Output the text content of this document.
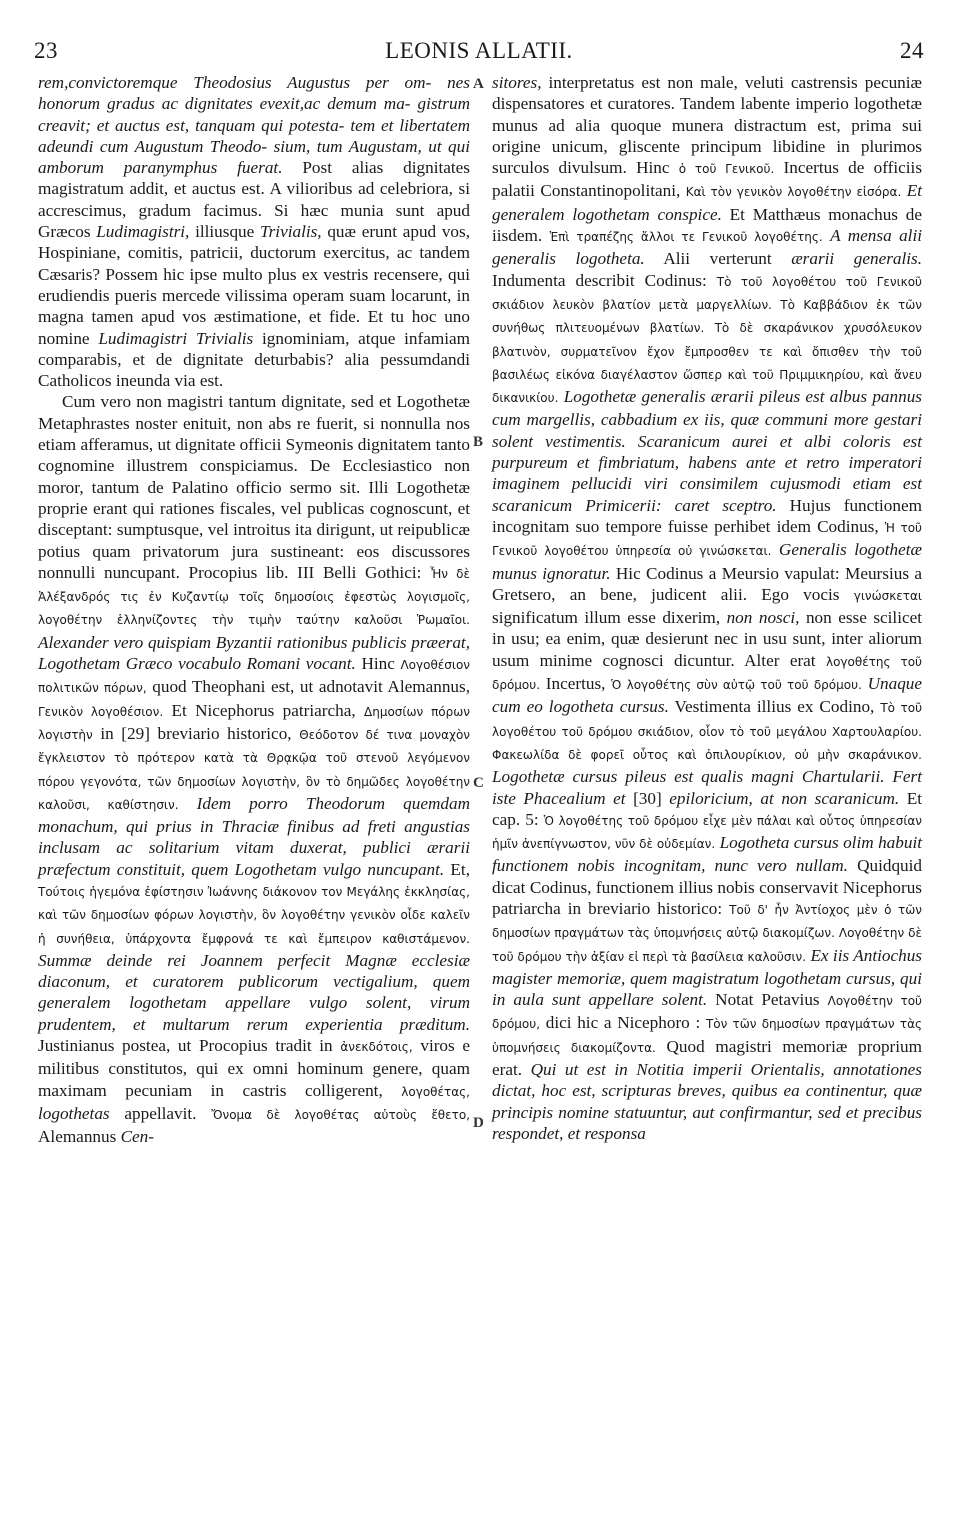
23	LEONIS ALLATII.	24

rem,convictoremque Theodosius Augustus per om- nes honorum gradus ac dignitates evexit,ac demum ma- gistrum creavit; et auctus est, tanquam qui potesta- tem et libertatem adeundi cum Augustum Theodo- sium, tum Augustam, ut qui amborum paranymphus fuerat. Post alias dignitates magistratum addit, et auctus est. A vilioribus ad celebriora, si accrescimus, gradum facimus. Si hæc munia sunt apud Græcos Ludimagistri, illiusque Trivialis, quæ erunt apud vos, Hospiniane, comitis, patricii, ductorum exercitus, ac tandem Cæsaris? Possem hic ipse multo plus ex vestris recensere, qui erudiendis pueris mercede vilissima operam suam locarunt, in magna tamen apud vos æstimatione, et fide. Et tu hoc uno nomine Ludimagistri Trivialis ignominiam, atque infamiam comparabis, et de dignitate deturbabis? alia pessumdandi Catholicos ineunda via est.

Cum vero non magistri tantum dignitate, sed et Logothetæ Metaphrastes noster enituit, non abs re fuerit, si nonnulla nos etiam afferamus, ut dignitate officii Symeonis dignitatem tanto cognomine illustrem conspiciamus. De Ecclesiastico non moror, tantum de Palatino officio sermo sit. Illi Logothetæ proprie erant qui rationes fiscales, vel publicas cognoscunt, et disceptant: sumptusque, vel introitus ita dirigunt, ut reipublicæ potius quam privatorum jura sustineant: eos discussores nonnulli nuncupant. Procopius lib. III Belli Gothici: Ἦν δὲ Ἀλέξανδρός τις ἐν Κυζαντίῳ τοῖς δημοσίοις ἐφεστὼς λογισμοῖς, λογοθέτην ἑλληνίζοντες τὴν τιμὴν ταύτην καλοῦσι Ῥωμαῖοι. Alexander vero quispiam Byzantii rationibus publicis præerat, Logothetam Græco vocabulo Romani vocant. Hinc Λογοθέσιον πολιτικῶν πόρων, quod Theophani est, ut adnotavit Alemannus, Γενικὸν λογοθέσιον. Et Nicephorus patriarcha, Δημοσίων πόρων λογιστὴν in [29] breviario historico, Θεόδοτον δέ τινα μοναχὸν ἔγκλειστον τὸ πρότερον κατὰ τὰ Θρᾳκῷα τοῦ στενοῦ λεγόμενον πόρου γεγονότα, τῶν δημοσίων λογιστὴν, ὃν τὸ δημῶδες λογοθέτην καλοῦσι, καθίστησιν. Idem porro Theodorum quemdam monachum, qui prius in Thraciæ finibus ad freti angustias inclusam ac solitarium vitam duxerat, publici ærarii præfectum constituit, quem Logothetam vulgo nuncupant. Et, Τούτοις ἡγεμόνα ἐφίστησιν Ἰωάννης διάκονον τον Μεγάλης ἐκκλησίας, καὶ τῶν δημοσίων φόρων λογιστὴν, ὃν λογοθέτην γενικὸν οἶδε καλεῖν ἡ συνήθεια, ὑπάρχοντα ἔμφρονά τε καὶ ἔμπειρον καθιστάμενον. Summæ deinde rei Joannem perfecit Magnæ ecclesiæ diaconum, et curatorem publicorum vectigalium, quem generalem logothetam appellare vulgo solent, virum prudentem, et multarum rerum experientia præditum. Justinianus postea, ut Procopius tradit in ἀνεκδότοις, viros e militibus constitutos, qui ex omni hominum genere, quam maximam pecuniam in castris colligerent, λογοθέτας, logothetas appellavit. Ὄνομα δὲ λογοθέτας αὐτοὺς ἔθετο, Alemannus Cen-

sitores, interpretatus est non male, veluti castrensis pecuniæ dispensatores et curatores. Tandem labente imperio logothetæ munus ad alia quoque munera distractum est, prima sui origine unicum, gliscente principum libidine in plurimos surculos divulsum. Hinc ὁ τοῦ Γενικοῦ. Incertus de officiis palatii Constantinopolitani, Καὶ τὸν γενικὸν λογοθέτην εἰσόρα. Et generalem logothetam conspice. Et Matthæus monachus de iisdem. Ἐπὶ τραπέζης ἄλλοι τε Γενικοῦ λογοθέτης. A mensa alii generalis logotheta. Alii verterunt ærarii generalis. Indumenta describit Codinus: Τὸ τοῦ λογοθέτου τοῦ Γενικοῦ σκιάδιον λευκὸν βλατίον μετὰ μαργελλίων. Τὸ Καββάδιον ἐκ τῶν συνήθως πλιτευομένων βλατίων. Τὸ δὲ σκαράνικον χρυσόλευκον βλατινὸν, συρματεῖνον ἔχον ἔμπροσθεν τε καὶ ὄπισθεν τὴν τοῦ βασιλέως εἰκόνα διαγέλαστον ὥσπερ καὶ τοῦ Πριμμικηρίου, καὶ ἄνευ δικανικίου. Logothetæ generalis ærarii pileus est albus pannus cum margellis, cabbadium ex iis, quæ communi more gestari solent vestimentis. Scaranicum aurei et albi coloris est purpureum et fimbriatum, habens ante et retro imperatori imaginem pellucidi viri consimilem cujusmodi etiam est scaranicum Primicerii: caret sceptro. Hujus functionem incognitam suo tempore fuisse perhibet idem Codinus, Ἡ τοῦ Γενικοῦ λογοθέτου ὑπηρεσία οὐ γινώσκεται. Generalis logothetæ munus ignoratur. Hic Codinus a Meursio vapulat: Meursius a Gretsero, an bene, judicent alii. Ego vocis γινώσκεται significatum illum esse dixerim, non nosci, non esse scilicet in usu; ea enim, quæ desierunt nec in usu sunt, inter aliorum usum minime cognosci dicuntur. Alter erat λογοθέτης τοῦ δρόμου. Incertus, Ὁ λογοθέτης σὺν αὐτῷ τοῦ τοῦ δρόμου. Unaque cum eo logotheta cursus. Vestimenta illius ex Codino, Τὸ τοῦ λογοθέτου τοῦ δρόμου σκιάδιον, οἷον τὸ τοῦ μεγάλου Χαρτουλαρίου. Φακεωλίδα δὲ φορεῖ οὗτος καὶ ὀπιλουρίκιον, οὐ μὴν σκαράνικον. Logothetæ cursus pileus est qualis magni Chartularii. Fert iste Phacealium et [30] epiloricium, at non scaranicum. Et cap. 5: Ὁ λογοθέτης τοῦ δρόμου εἶχε μὲν πάλαι καὶ οὗτος ὑπηρεσίαν ἡμῖν ἀνεπίγνωστον, νῦν δὲ οὐδεμίαν. Logotheta cursus olim habuit functionem nobis incognitam, nunc vero nullam. Quidquid dicat Codinus, functionem illius nobis conservavit Nicephorus patriarcha in breviario historico: Τοῦ δ' ἦν Ἀντίοχος μὲν ὁ τῶν δημοσίων πραγμάτων τὰς ὑπομνήσεις αὐτῷ διακομίζων. Λογοθέτην δὲ τοῦ δρόμου τὴν ἀξίαν εἰ περὶ τὰ βασίλεια καλοῦσιν. Ex iis Antiochus magister memoriæ, quem magistratum logothetam cursus, qui in aula sunt appellare solent. Notat Petavius Λογοθέτην τοῦ δρόμου, dici hic a Nicephoro : Τὸν τῶν δημοσίων πραγμάτων τὰς ὑπομνήσεις διακομίζοντα. Quod magistri memoriæ proprium erat. Qui ut est in Notitia imperii Orientalis, annotationes dictat, hoc est, scripturas breves, quibus ea continentur, quæ principis nomine statuuntur, aut confirmantur, sed et precibus respondet, et responsa

A
B
C
D
